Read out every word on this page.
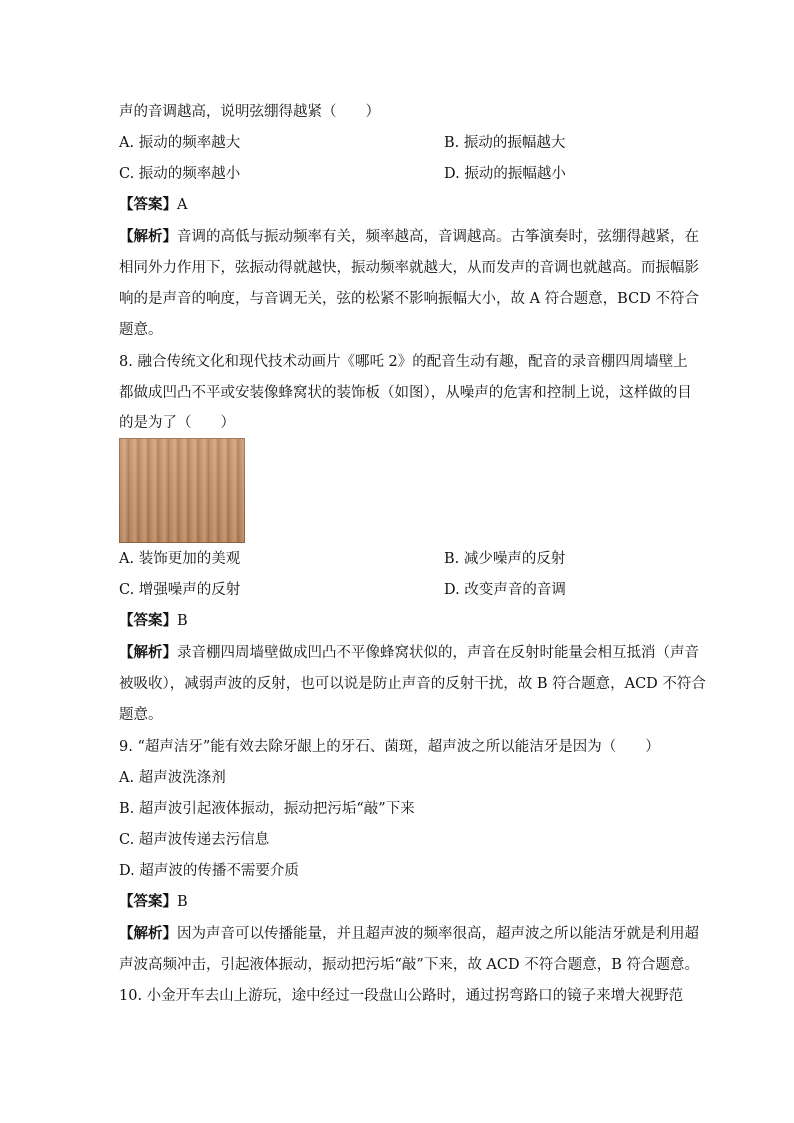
声的音调越高，说明弦绷得越紧（　　）
A. 振动的频率越大	B. 振动的振幅越大
C. 振动的频率越小	D. 振动的振幅越小
【答案】A
【解析】音调的高低与振动频率有关，频率越高，音调越高。古筝演奏时，弦绷得越紧，在
相同外力作用下，弦振动得就越快，振动频率就越大，从而发声的音调也就越高。而振幅影
响的是声音的响度，与音调无关，弦的松紧不影响振幅大小，故 A 符合题意，BCD 不符合
题意。
8. 融合传统文化和现代技术动画片《哪吒 2》的配音生动有趣，配音的录音棚四周墙壁上
都做成凹凸不平或安装像蜂窝状的装饰板（如图），从噪声的危害和控制上说，这样做的目
的是为了（　　）
A. 装饰更加的美观	B. 减少噪声的反射
C. 增强噪声的反射	D. 改变声音的音调
【答案】B
【解析】录音棚四周墙壁做成凹凸不平像蜂窝状似的，声音在反射时能量会相互抵消（声音
被吸收），减弱声波的反射，也可以说是防止声音的反射干扰，故 B 符合题意，ACD 不符合
题意。
9. “超声洁牙”能有效去除牙龈上的牙石、菌斑，超声波之所以能洁牙是因为（　　）
A. 超声波洗涤剂
B. 超声波引起液体振动，振动把污垢“敲”下来
C. 超声波传递去污信息
D. 超声波的传播不需要介质
【答案】B
【解析】因为声音可以传播能量，并且超声波的频率很高，超声波之所以能洁牙就是利用超
声波高频冲击，引起液体振动，振动把污垢“敲”下来，故 ACD 不符合题意，B 符合题意。
10. 小金开车去山上游玩，途中经过一段盘山公路时，通过拐弯路口的镜子来增大视野范
